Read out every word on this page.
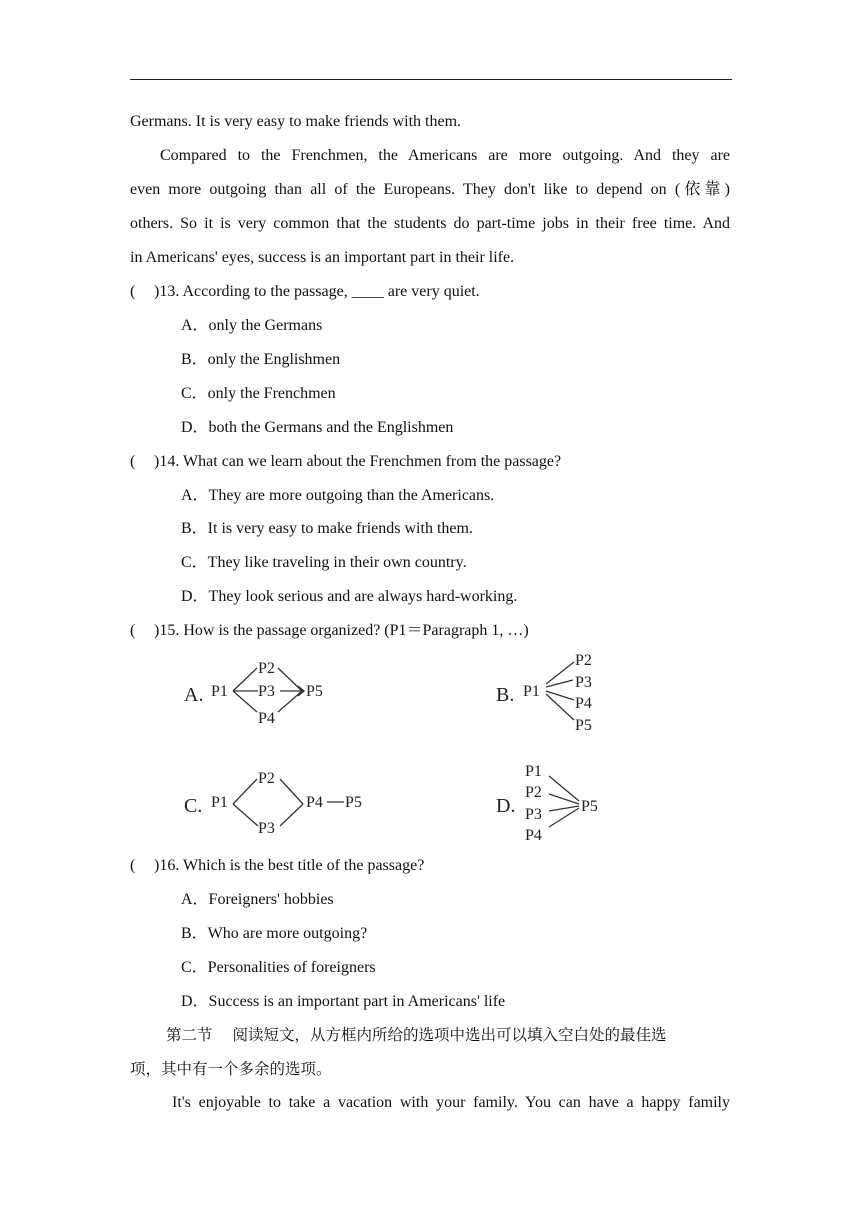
Germans. It is very easy to make friends with them.
Compared to the Frenchmen, the Americans are more outgoing. And they are
even more outgoing than all of the Europeans. They don't like to depend on (依靠)
others. So it is very common that the students do part-time jobs in their free time. And
in Americans' eyes, success is an important part in their life.
( )13. According to the passage, ____ are very quiet.
A．only the Germans
B．only the Englishmen
C．only the Frenchmen
D．both the Germans and the Englishmen
( )14. What can we learn about the Frenchmen from the passage?
A．They are more outgoing than the Americans.
B．It is very easy to make friends with them.
C．They like traveling in their own country.
D．They look serious and are always hard-working.
( )15. How is the passage organized? (P1＝Paragraph 1, …)
A. P1
P2
P3
P4
P5	B. P1
P2
P3
P4
P5
C. P1
P2
P3
P4 P5	D.
P1
P2
P3
P4
P5
( )16. Which is the best title of the passage?
A．Foreigners' hobbies
B．Who are more outgoing?
C．Personalities of foreigners
D．Success is an important part in Americans' life
第二节 阅读短文，从方框内所给的选项中选出可以填入空白处的最佳选
项，其中有一个多余的选项。
It's enjoyable to take a vacation with your family. You can have a happy family
